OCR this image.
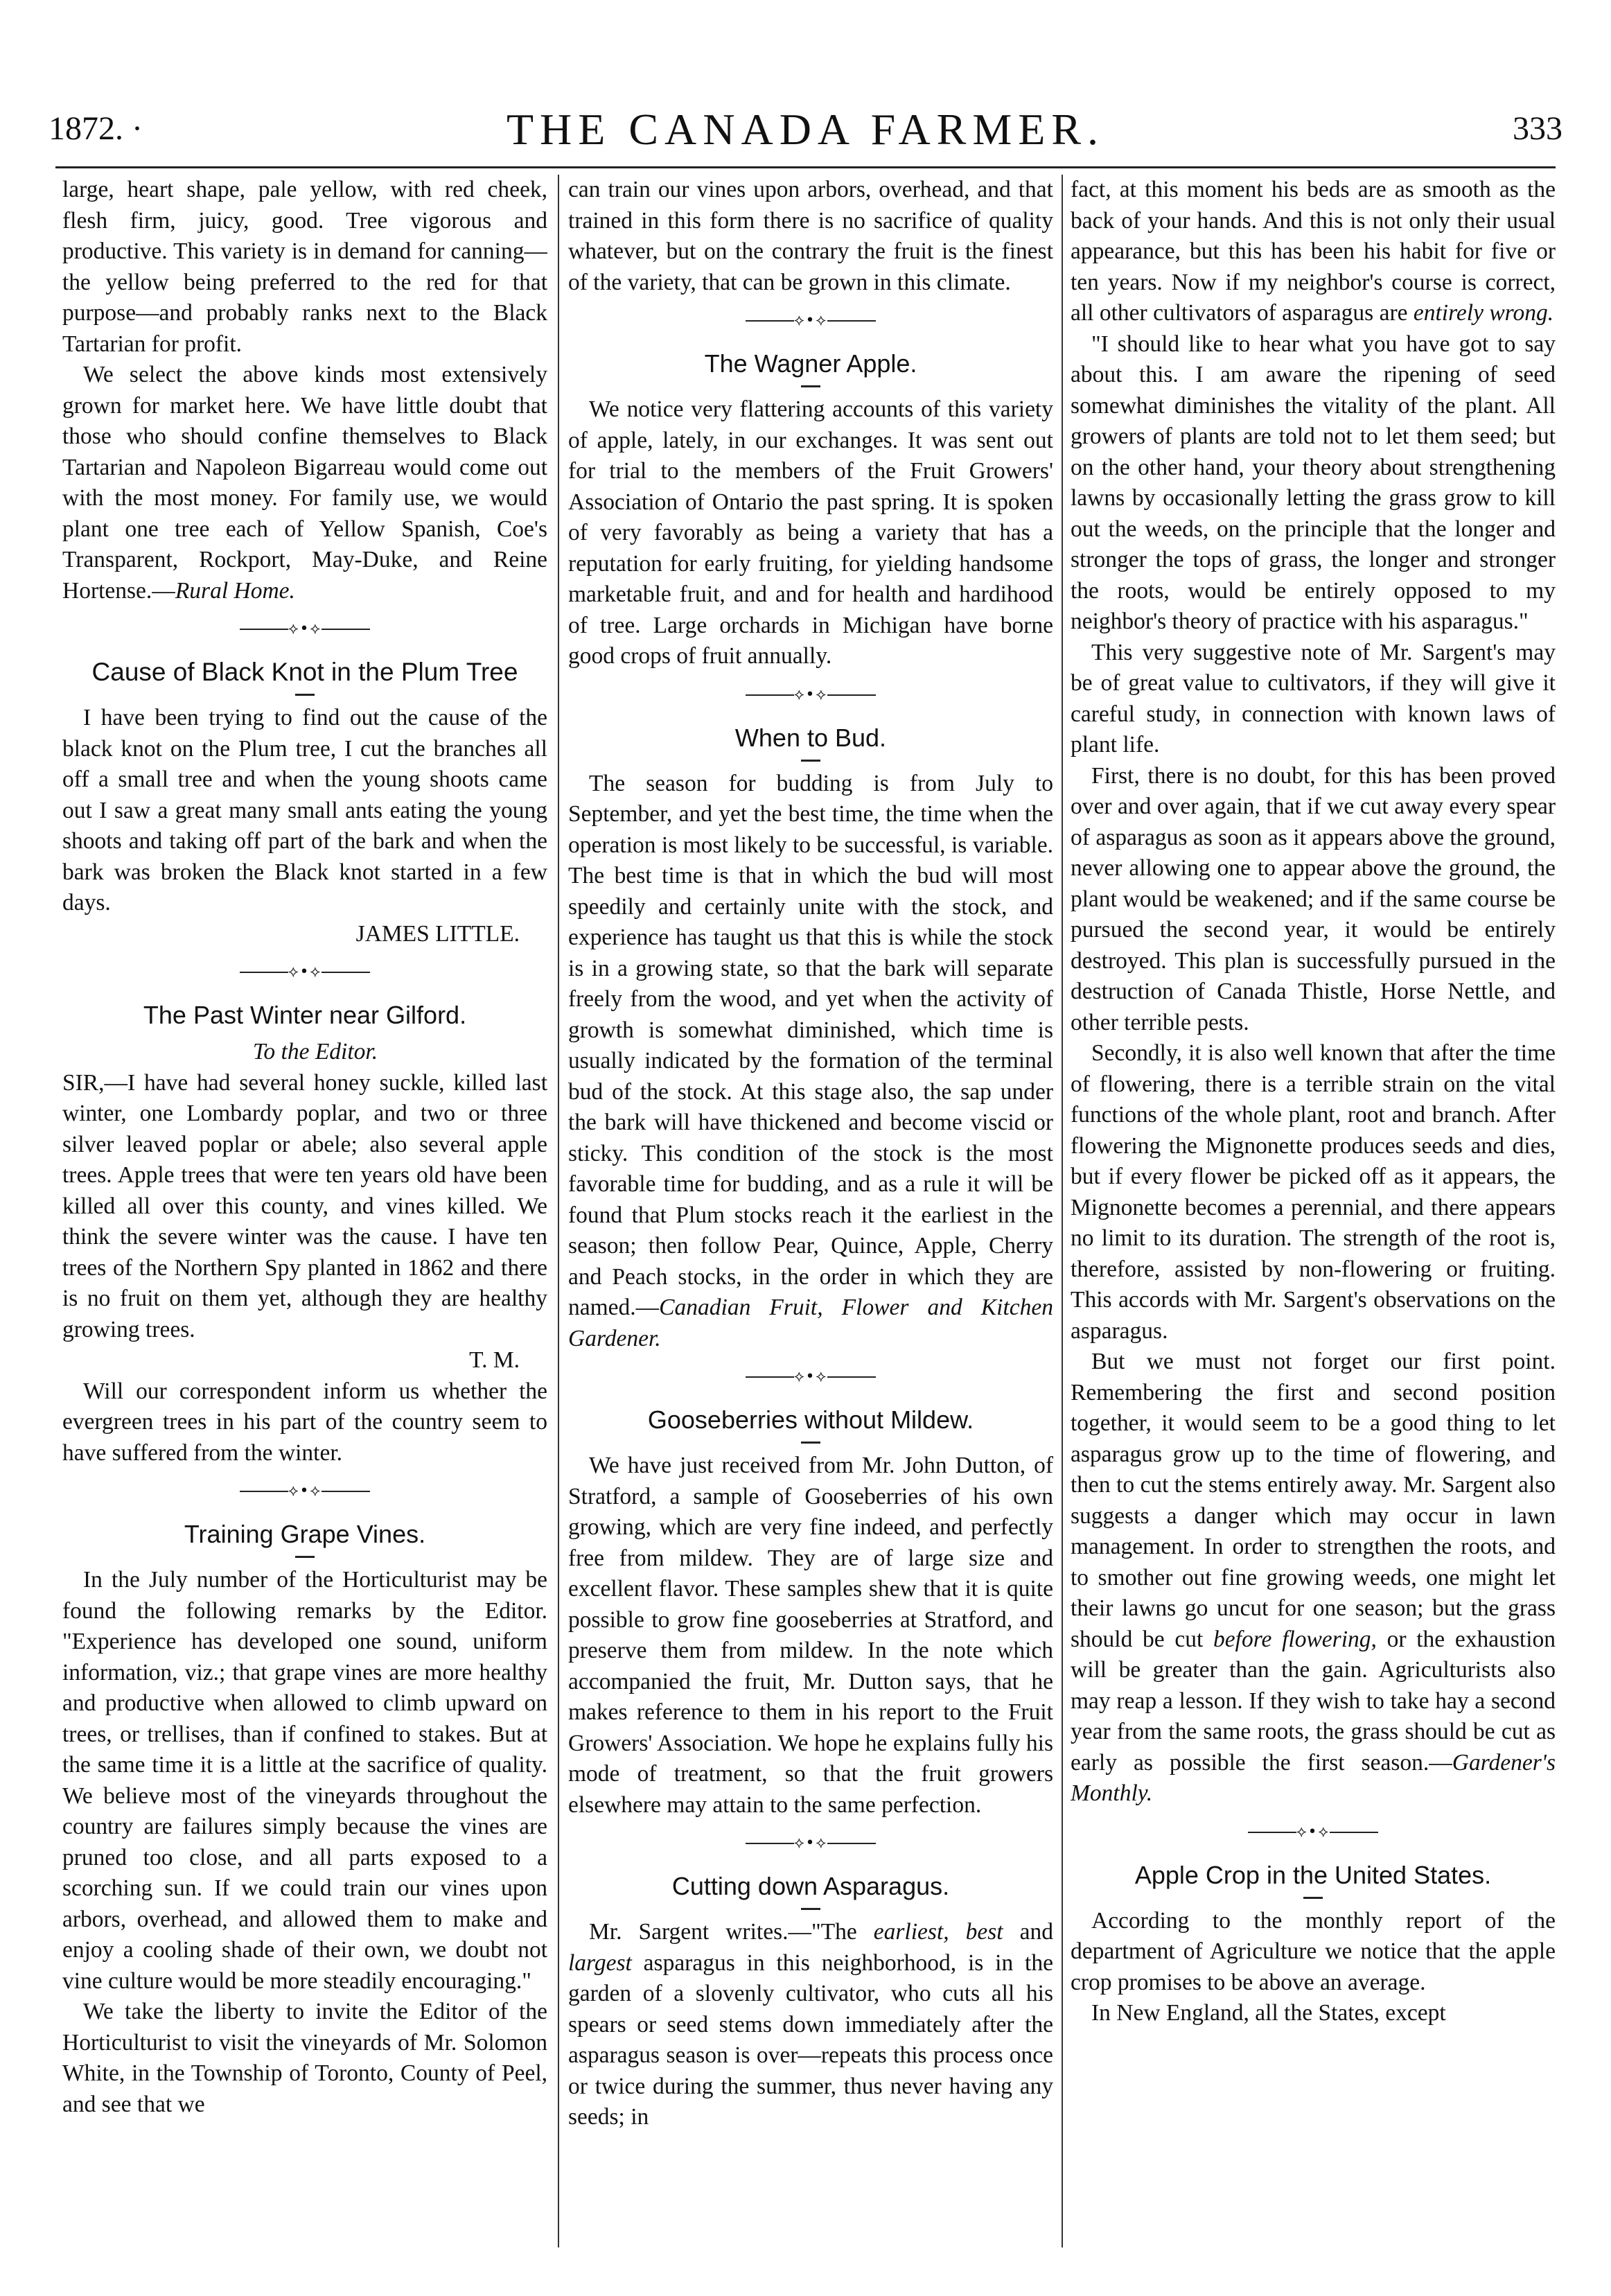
1872. ·	THE CANADA FARMER.	333

large, heart shape, pale yellow, with red cheek, flesh firm, juicy, good. Tree vigorous and productive. This variety is in demand for canning—the yellow being preferred to the red for that purpose—and probably ranks next to the Black Tartarian for profit.

We select the above kinds most extensively grown for market here. We have little doubt that those who should confine themselves to Black Tartarian and Napoleon Bigarreau would come out with the most money. For family use, we would plant one tree each of Yellow Spanish, Coe's Transparent, Rockport, May-Duke, and Reine Hortense.—Rural Home.

⟡•⟡
Cause of Black Knot in the Plum Tree

I have been trying to find out the cause of the black knot on the Plum tree, I cut the branches all off a small tree and when the young shoots came out I saw a great many small ants eating the young shoots and taking off part of the bark and when the bark was broken the Black knot started in a few days.

JAMES LITTLE.

⟡•⟡
The Past Winter near Gilford.

To the Editor.

SIR,—I have had several honey suckle, killed last winter, one Lombardy poplar, and two or three silver leaved poplar or abele; also several apple trees. Apple trees that were ten years old have been killed all over this county, and vines killed. We think the severe winter was the cause. I have ten trees of the Northern Spy planted in 1862 and there is no fruit on them yet, although they are healthy growing trees.

T. M.

Will our correspondent inform us whether the evergreen trees in his part of the country seem to have suffered from the winter.

⟡•⟡
Training Grape Vines.

In the July number of the Horticulturist may be found the following remarks by the Editor. "Experience has developed one sound, uniform information, viz.; that grape vines are more healthy and productive when allowed to climb upward on trees, or trellises, than if confined to stakes. But at the same time it is a little at the sacrifice of quality. We believe most of the vineyards throughout the country are failures simply because the vines are pruned too close, and all parts exposed to a scorching sun. If we could train our vines upon arbors, overhead, and allowed them to make and enjoy a cooling shade of their own, we doubt not vine culture would be more steadily encouraging."

We take the liberty to invite the Editor of the Horticulturist to visit the vineyards of Mr. Solomon White, in the Township of Toronto, County of Peel, and see that we

can train our vines upon arbors, overhead, and that trained in this form there is no sacrifice of quality whatever, but on the contrary the fruit is the finest of the variety, that can be grown in this climate.

⟡•⟡
The Wagner Apple.

We notice very flattering accounts of this variety of apple, lately, in our exchanges. It was sent out for trial to the members of the Fruit Growers' Association of Ontario the past spring. It is spoken of very favorably as being a variety that has a reputation for early fruiting, for yielding handsome marketable fruit, and and for health and hardihood of tree. Large orchards in Michigan have borne good crops of fruit annually.

⟡•⟡
When to Bud.

The season for budding is from July to September, and yet the best time, the time when the operation is most likely to be successful, is variable. The best time is that in which the bud will most speedily and certainly unite with the stock, and experience has taught us that this is while the stock is in a growing state, so that the bark will separate freely from the wood, and yet when the activity of growth is somewhat diminished, which time is usually indicated by the formation of the terminal bud of the stock. At this stage also, the sap under the bark will have thickened and become viscid or sticky. This condition of the stock is the most favorable time for budding, and as a rule it will be found that Plum stocks reach it the earliest in the season; then follow Pear, Quince, Apple, Cherry and Peach stocks, in the order in which they are named.—Canadian Fruit, Flower and Kitchen Gardener.

⟡•⟡
Gooseberries without Mildew.

We have just received from Mr. John Dutton, of Stratford, a sample of Gooseberries of his own growing, which are very fine indeed, and perfectly free from mildew. They are of large size and excellent flavor. These samples shew that it is quite possible to grow fine gooseberries at Stratford, and preserve them from mildew. In the note which accompanied the fruit, Mr. Dutton says, that he makes reference to them in his report to the Fruit Growers' Association. We hope he explains fully his mode of treatment, so that the fruit growers elsewhere may attain to the same perfection.

⟡•⟡
Cutting down Asparagus.

Mr. Sargent writes.—"The earliest, best and largest asparagus in this neighborhood, is in the garden of a slovenly cultivator, who cuts all his spears or seed stems down immediately after the asparagus season is over—repeats this process once or twice during the summer, thus never having any seeds; in

fact, at this moment his beds are as smooth as the back of your hands. And this is not only their usual appearance, but this has been his habit for five or ten years. Now if my neighbor's course is correct, all other cultivators of asparagus are entirely wrong.

"I should like to hear what you have got to say about this. I am aware the ripening of seed somewhat diminishes the vitality of the plant. All growers of plants are told not to let them seed; but on the other hand, your theory about strengthening lawns by occasionally letting the grass grow to kill out the weeds, on the principle that the longer and stronger the tops of grass, the longer and stronger the roots, would be entirely opposed to my neighbor's theory of practice with his asparagus."

This very suggestive note of Mr. Sargent's may be of great value to cultivators, if they will give it careful study, in connection with known laws of plant life.

First, there is no doubt, for this has been proved over and over again, that if we cut away every spear of asparagus as soon as it appears above the ground, never allowing one to appear above the ground, the plant would be weakened; and if the same course be pursued the second year, it would be entirely destroyed. This plan is successfully pursued in the destruction of Canada Thistle, Horse Nettle, and other terrible pests.

Secondly, it is also well known that after the time of flowering, there is a terrible strain on the vital functions of the whole plant, root and branch. After flowering the Mignonette produces seeds and dies, but if every flower be picked off as it appears, the Mignonette becomes a perennial, and there appears no limit to its duration. The strength of the root is, therefore, assisted by non-flowering or fruiting. This accords with Mr. Sargent's observations on the asparagus.

But we must not forget our first point. Remembering the first and second position together, it would seem to be a good thing to let asparagus grow up to the time of flowering, and then to cut the stems entirely away. Mr. Sargent also suggests a danger which may occur in lawn management. In order to strengthen the roots, and to smother out fine growing weeds, one might let their lawns go uncut for one season; but the grass should be cut before flowering, or the exhaustion will be greater than the gain. Agriculturists also may reap a lesson. If they wish to take hay a second year from the same roots, the grass should be cut as early as possible the first season.—Gardener's Monthly.

⟡•⟡
Apple Crop in the United States.

According to the monthly report of the department of Agriculture we notice that the apple crop promises to be above an average.

In New England, all the States, except
